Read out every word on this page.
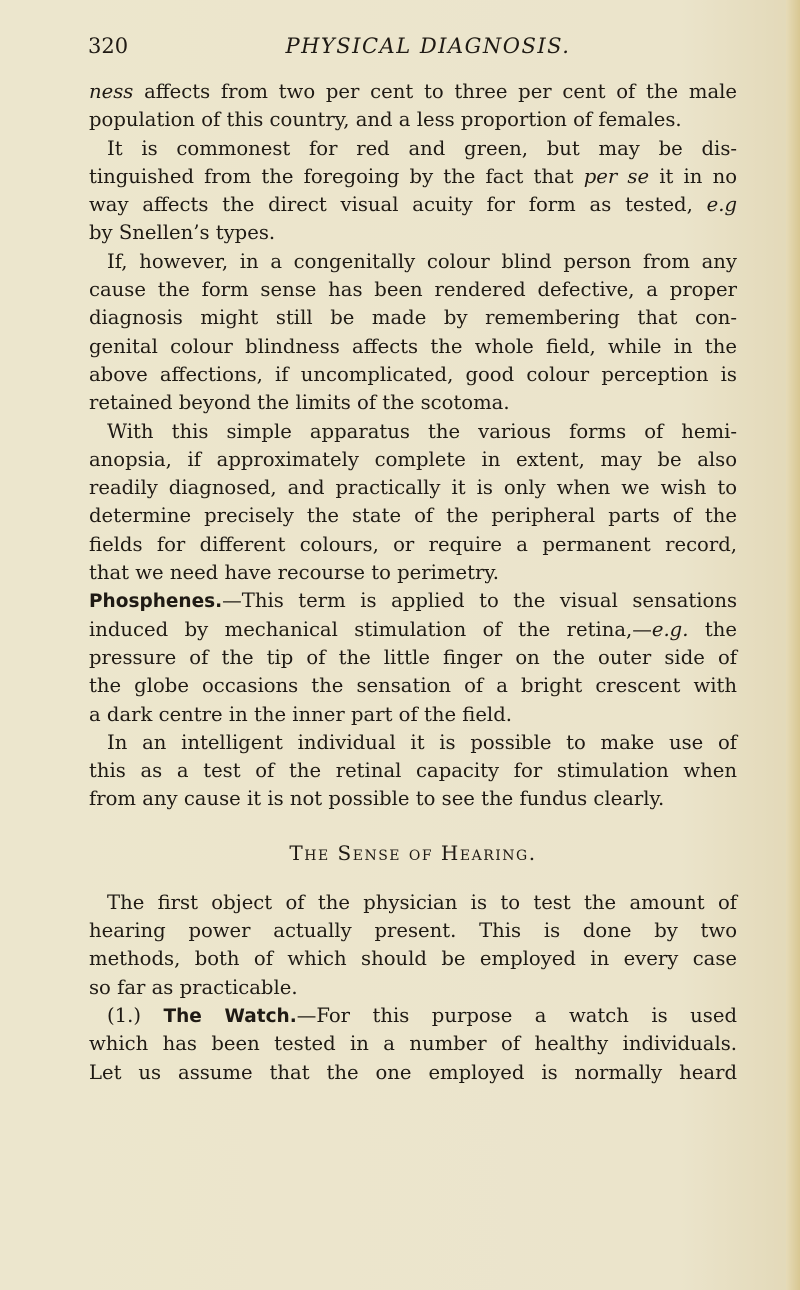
320	PHYSICAL DIAGNOSIS.
ness affects from two per cent to three per cent of the male
population of this country, and a less proportion of females.
It is commonest for red and green, but may be dis-
tinguished from the foregoing by the fact that per se it in no
way affects the direct visual acuity for form as tested, e.g
by Snellen’s types.
If, however, in a congenitally colour blind person from any
cause the form sense has been rendered defective, a proper
diagnosis might still be made by remembering that con-
genital colour blindness affects the whole field, while in the
above affections, if uncomplicated, good colour perception is
retained beyond the limits of the scotoma.
With this simple apparatus the various forms of hemi-
anopsia, if approximately complete in extent, may be also
readily diagnosed, and practically it is only when we wish to
determine precisely the state of the peripheral parts of the
fields for different colours, or require a permanent record,
that we need have recourse to perimetry.
Phosphenes.—This term is applied to the visual sensations
induced by mechanical stimulation of the retina,—e.g. the
pressure of the tip of the little finger on the outer side of
the globe occasions the sensation of a bright crescent with
a dark centre in the inner part of the field.
In an intelligent individual it is possible to make use of
this as a test of the retinal capacity for stimulation when
from any cause it is not possible to see the fundus clearly.
The Sense of Hearing.
The first object of the physician is to test the amount of
hearing power actually present. This is done by two
methods, both of which should be employed in every case
so far as practicable.
(1.) The Watch.—For this purpose a watch is used
which has been tested in a number of healthy individuals.
Let us assume that the one employed is normally heard
